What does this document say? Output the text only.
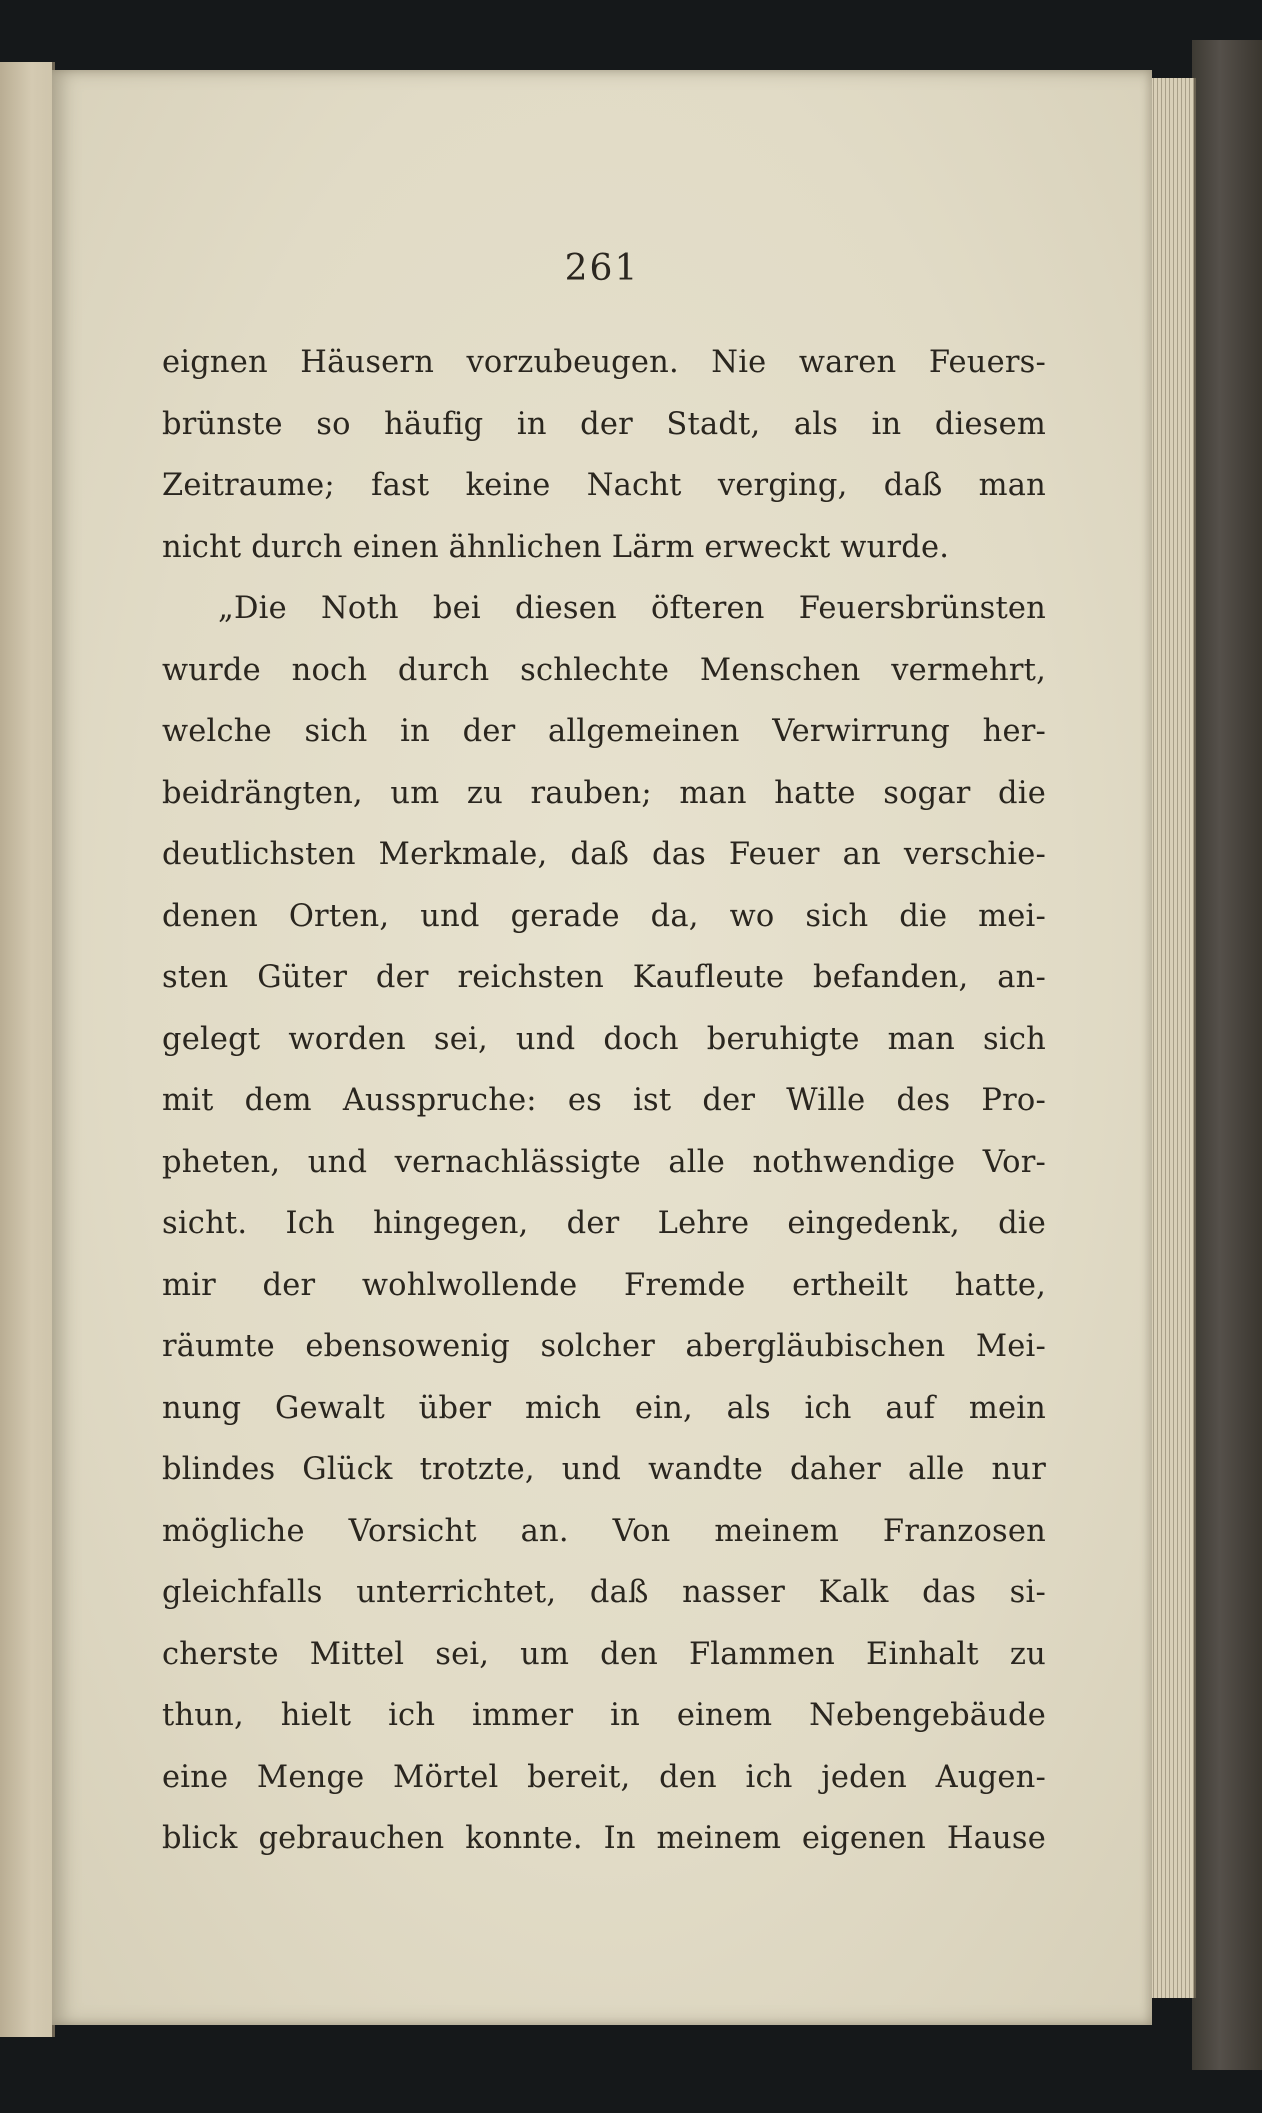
261
eignen Häusern vorzubeugen. Nie waren Feuers-
brünste so häufig in der Stadt, als in diesem
Zeitraume; fast keine Nacht verging, daß man
nicht durch einen ähnlichen Lärm erweckt wurde.
„Die Noth bei diesen öfteren Feuersbrünsten
wurde noch durch schlechte Menschen vermehrt,
welche sich in der allgemeinen Verwirrung her-
beidrängten, um zu rauben; man hatte sogar die
deutlichsten Merkmale, daß das Feuer an verschie-
denen Orten, und gerade da, wo sich die mei-
sten Güter der reichsten Kaufleute befanden, an-
gelegt worden sei, und doch beruhigte man sich
mit dem Ausspruche: es ist der Wille des Pro-
pheten, und vernachlässigte alle nothwendige Vor-
sicht. Ich hingegen, der Lehre eingedenk, die
mir der wohlwollende Fremde ertheilt hatte,
räumte ebensowenig solcher abergläubischen Mei-
nung Gewalt über mich ein, als ich auf mein
blindes Glück trotzte, und wandte daher alle nur
mögliche Vorsicht an. Von meinem Franzosen
gleichfalls unterrichtet, daß nasser Kalk das si-
cherste Mittel sei, um den Flammen Einhalt zu
thun, hielt ich immer in einem Nebengebäude
eine Menge Mörtel bereit, den ich jeden Augen-
blick gebrauchen konnte. In meinem eigenen Hause
